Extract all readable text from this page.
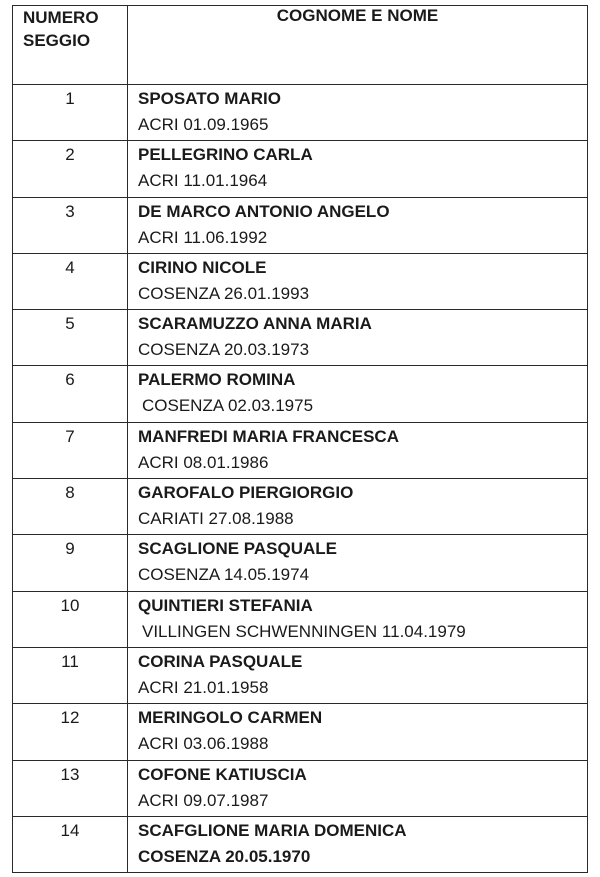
NUMERO
SEGGIO	COGNOME E NOME
1	SPOSATO MARIO
ACRI 01.09.1965

2	PELLEGRINO CARLA
ACRI 11.01.1964

3	DE MARCO ANTONIO ANGELO
ACRI 11.06.1992

4	CIRINO NICOLE
COSENZA 26.01.1993

5	SCARAMUZZO ANNA MARIA
COSENZA 20.03.1973

6	PALERMO ROMINA
COSENZA 02.03.1975

7	MANFREDI MARIA FRANCESCA
ACRI 08.01.1986

8	GAROFALO PIERGIORGIO
CARIATI 27.08.1988

9	SCAGLIONE PASQUALE
COSENZA 14.05.1974

10	QUINTIERI STEFANIA
VILLINGEN SCHWENNINGEN 11.04.1979

11	CORINA PASQUALE
ACRI 21.01.1958

12	MERINGOLO CARMEN
ACRI 03.06.1988

13	COFONE KATIUSCIA
ACRI 09.07.1987

14	SCAFGLIONE MARIA DOMENICA
COSENZA 20.05.1970
